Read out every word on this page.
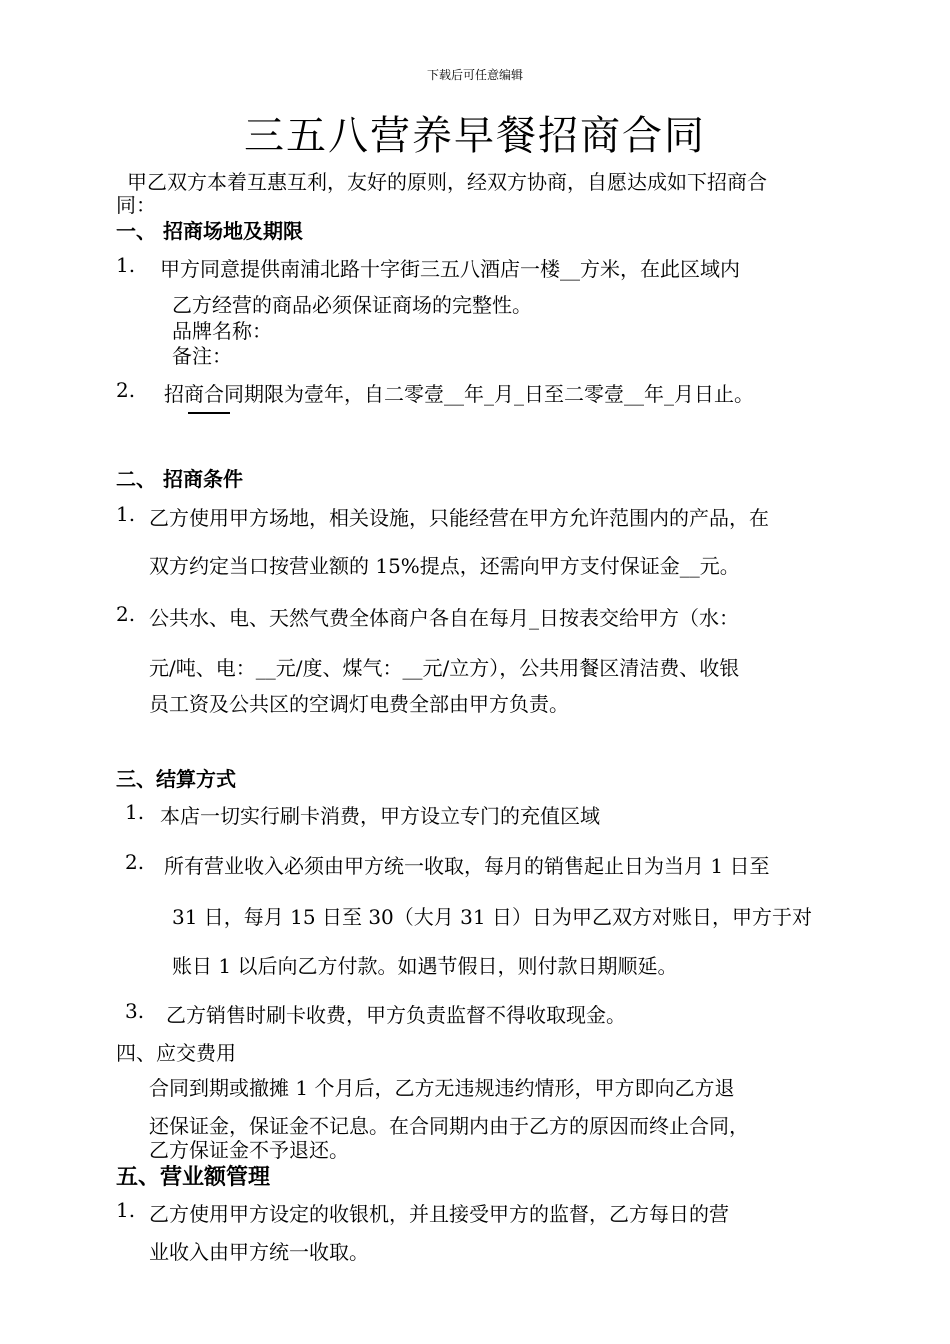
下载后可任意编辑
三五八营养早餐招商合同
甲乙双方本着互惠互利，友好的原则，经双方协商，自愿达成如下招商合
同：
一、 招商场地及期限
1. 甲方同意提供南浦北路十字街三五八酒店一楼__方米，在此区域内
乙方经营的商品必须保证商场的完整性。
品牌名称：
备注：
2. 招商合同期限为壹年，自二零壹__年_月_日至二零壹__年_月日止。
二、 招商条件
1. 乙方使用甲方场地，相关设施，只能经营在甲方允许范围内的产品，在
双方约定当口按营业额的 15%提点，还需向甲方支付保证金__元。
2. 公共水、电、天然气费全体商户各自在每月_日按表交给甲方（水：
元/吨、电：__元/度、煤气：__元/立方），公共用餐区清洁费、收银
员工资及公共区的空调灯电费全部由甲方负责。
三、结算方式
1. 本店一切实行刷卡消费，甲方设立专门的充值区域
2. 所有营业收入必须由甲方统一收取，每月的销售起止日为当月 1 日至
31 日，每月 15 日至 30（大月 31 日）日为甲乙双方对账日，甲方于对
账日 1 以后向乙方付款。如遇节假日，则付款日期顺延。
3. 乙方销售时刷卡收费，甲方负责监督不得收取现金。
四、应交费用
合同到期或撤摊 1 个月后，乙方无违规违约情形，甲方即向乙方退
还保证金，保证金不记息。在合同期内由于乙方的原因而终止合同，
乙方保证金不予退还。
五、营业额管理
1. 乙方使用甲方设定的收银机，并且接受甲方的监督，乙方每日的营
业收入由甲方统一收取。
